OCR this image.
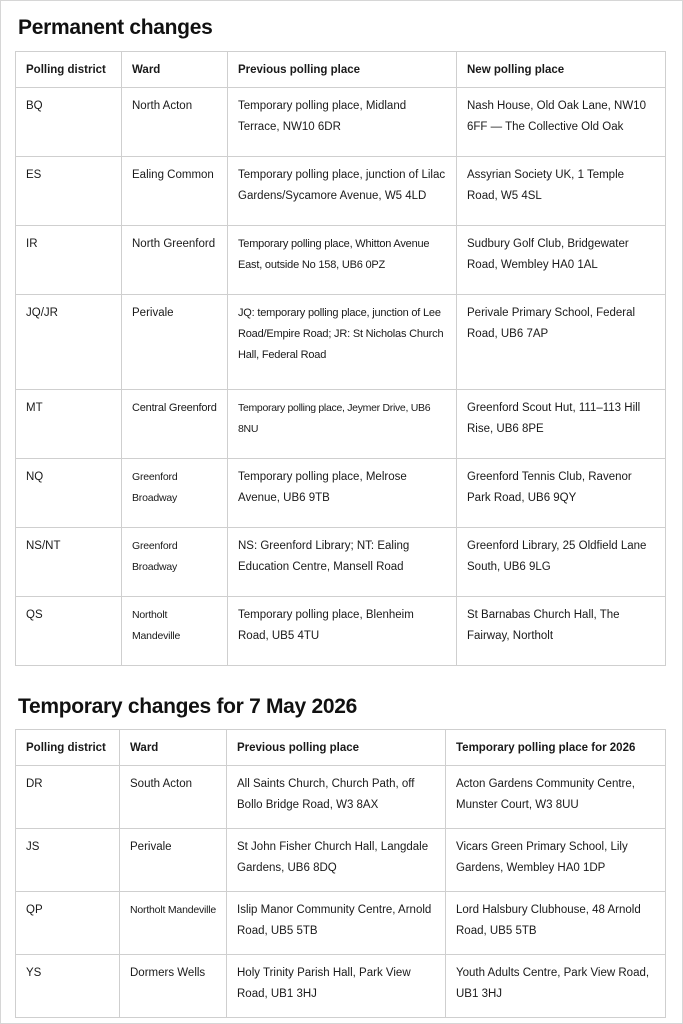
Permanent changes
Polling district	Ward	Previous polling place	New polling place
BQ	North Acton	Temporary polling place, Midland Terrace, NW10 6DR	Nash House, Old Oak Lane, NW10 6FF — The Collective Old Oak
ES	Ealing Common	Temporary polling place, junction of Lilac Gardens/Sycamore Avenue, W5 4LD	Assyrian Society UK, 1 Temple Road, W5 4SL
IR	North Greenford	Temporary polling place, Whitton Avenue East, outside No 158, UB6 0PZ	Sudbury Golf Club, Bridgewater Road, Wembley HA0 1AL
JQ/JR	Perivale	JQ: temporary polling place, junction of Lee Road/Empire Road; JR: St Nicholas Church Hall, Federal Road	Perivale Primary School, Federal Road, UB6 7AP
MT	Central Greenford	Temporary polling place, Jeymer Drive, UB6 8NU	Greenford Scout Hut, 111–113 Hill Rise, UB6 8PE
NQ	Greenford Broadway	Temporary polling place, Melrose Avenue, UB6 9TB	Greenford Tennis Club, Ravenor Park Road, UB6 9QY
NS/NT	Greenford Broadway	NS: Greenford Library; NT: Ealing Education Centre, Mansell Road	Greenford Library, 25 Oldfield Lane South, UB6 9LG
QS	Northolt Mandeville	Temporary polling place, Blenheim Road, UB5 4TU	St Barnabas Church Hall, The Fairway, Northolt
Temporary changes for 7 May 2026
Polling district	Ward	Previous polling place	Temporary polling place for 2026
DR	South Acton	All Saints Church, Church Path, off Bollo Bridge Road, W3 8AX	Acton Gardens Community Centre, Munster Court, W3 8UU
JS	Perivale	St John Fisher Church Hall, Langdale Gardens, UB6 8DQ	Vicars Green Primary School, Lily Gardens, Wembley HA0 1DP
QP	Northolt Mandeville	Islip Manor Community Centre, Arnold Road, UB5 5TB	Lord Halsbury Clubhouse, 48 Arnold Road, UB5 5TB
YS	Dormers Wells	Holy Trinity Parish Hall, Park View Road, UB1 3HJ	Youth Adults Centre, Park View Road, UB1 3HJ
